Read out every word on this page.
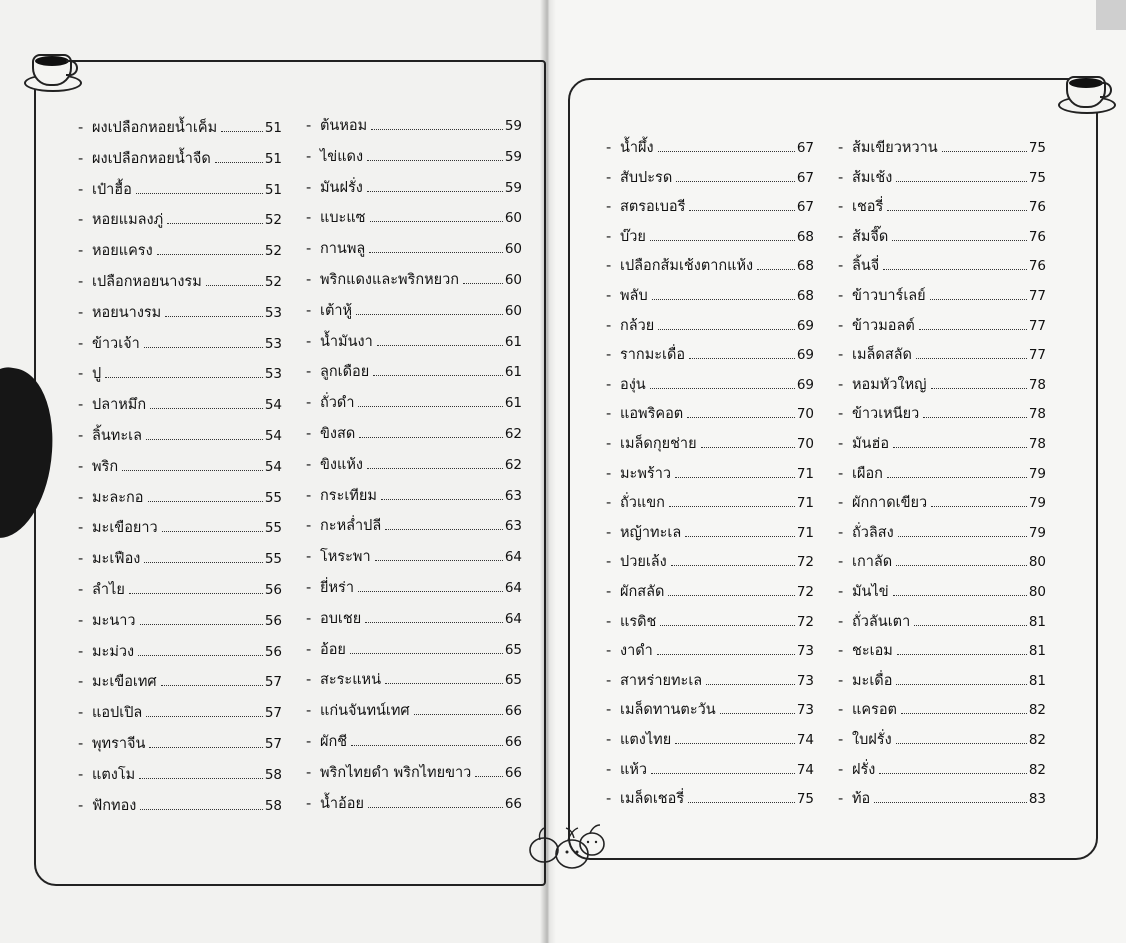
- ผงเปลือกหอยน้ำเค็ม	51
- ผงเปลือกหอยน้ำจืด	51
- เป๋าฮื้อ	51
- หอยแมลงภู่	52
- หอยแครง	52
- เปลือกหอยนางรม	52
- หอยนางรม	53
- ข้าวเจ้า	53
- ปู	53
- ปลาหมึก	54
- ลิ้นทะเล	54
- พริก	54
- มะละกอ	55
- มะเขือยาว	55
- มะเฟือง	55
- ลำไย	56
- มะนาว	56
- มะม่วง	56
- มะเขือเทศ	57
- แอปเปิล	57
- พุทราจีน	57
- แตงโม	58
- ฟักทอง	58
- ต้นหอม	59
- ไข่แดง	59
- มันฝรั่ง	59
- แบะแซ	60
- กานพลู	60
- พริกแดงและพริกหยวก	60
- เต้าหู้	60
- น้ำมันงา	61
- ลูกเดือย	61
- ถั่วดำ	61
- ขิงสด	62
- ขิงแห้ง	62
- กระเทียม	63
- กะหล่ำปลี	63
- โหระพา	64
- ยี่หร่า	64
- อบเชย	64
- อ้อย	65
- สะระแหน่	65
- แก่นจันทน์เทศ	66
- ผักชี	66
- พริกไทยดำ พริกไทยขาว 66
- น้ำอ้อย	66
- น้ำผึ้ง	67
- สับปะรด	67
- สตรอเบอรี	67
- บ๊วย	68
- เปลือกส้มเช้งตากแห้ง	68
- พลับ	68
- กล้วย	69
- รากมะเดื่อ	69
- องุ่น	69
- แอพริคอต	70
- เมล็ดกุยช่าย	70
- มะพร้าว	71
- ถั่วแขก	71
- หญ้าทะเล	71
- ปวยเล้ง	72
- ผักสลัด	72
- แรดิช	72
- งาดำ	73
- สาหร่ายทะเล	73
- เมล็ดทานตะวัน	73
- แตงไทย	74
- แห้ว	74
- เมล็ดเชอรี่	75
- ส้มเขียวหวาน	75
- ส้มเช้ง	75
- เชอรี่	76
- ส้มจี๊ด	76
- ลิ้นจี่	76
- ข้าวบาร์เลย์	77
- ข้าวมอลต์	77
- เมล็ดสลัด	77
- หอมหัวใหญ่	78
- ข้าวเหนียว	78
- มันฮ่อ	78
- เผือก	79
- ผักกาดเขียว	79
- ถั่วลิสง	79
- เกาลัด	80
- มันไข่	80
- ถั่วลันเตา	81
- ชะเอม	81
- มะเดื่อ	81
- แครอต	82
- ใบฝรั่ง	82
- ฝรั่ง	82
- ท้อ	83
